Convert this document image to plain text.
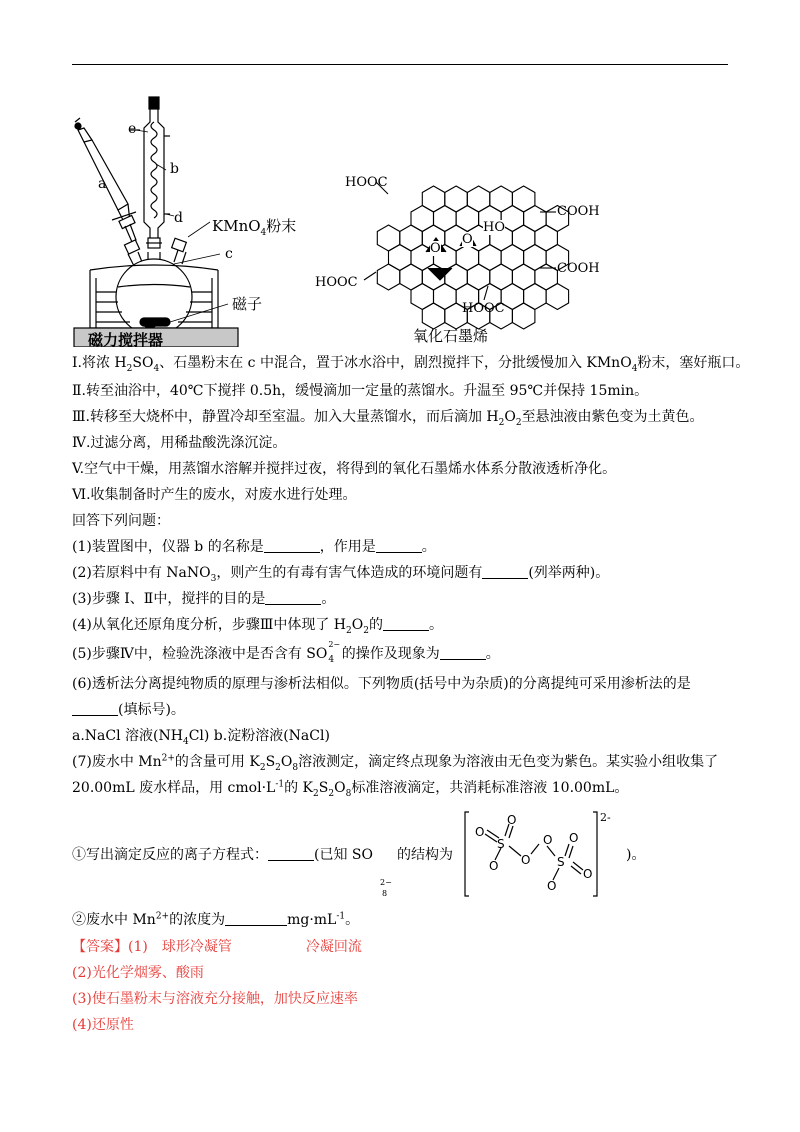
e
b
a
d
c
KMnO$_4$粉末
磁子
磁力搅拌器
HOOC
COOH
HO
COOH
HOOC
HOOC
O
O
氧化石墨烯
I.将浓 $H_2SO_4$、石墨粉末在 c 中混合，置于冰水浴中，剧烈搅拌下，分批缓慢加入 KMnO$_4$粉末，塞好瓶口。
Ⅱ.转至油浴中，40℃下搅拌 0.5h，缓慢滴加一定量的蒸馏水。升温至 95℃并保持 15min。
Ⅲ.转移至大烧杯中，静置冷却至室温。加入大量蒸馏水，而后滴加 $H_2O_2$至悬浊液由紫色变为土黄色。
Ⅳ.过滤分离，用稀盐酸洗涤沉淀。
V.空气中干燥，用蒸馏水溶解并搅拌过夜，将得到的氧化石墨烯水体系分散液透析净化。
Ⅵ.收集制备时产生的废水，对废水进行处理。
回答下列问题：
(1)装置图中，仪器 b 的名称是	，作用是	。
(2)若原料中有 NaNO$_3$，则产生的有毒有害气体造成的环境问题有	(列举两种)。
(3)步骤 I、Ⅱ中，搅拌的目的是	。
(4)从氧化还原角度分析，步骤Ⅲ中体现了 $H_2O_2$的	。
(5)步骤Ⅳ中，检验洗涤液中是否含有 SO
2−
4 的操作及现象为	。
(6)透析法分离提纯物质的原理与渗析法相似。下列物质(括号中为杂质)的分离提纯可采用渗析法的是
(填标号)。
a.NaCl 溶液$(NH_4Cl)$ b.淀粉溶液(NaCl)
(7)废水中 $Mn^{2+}$的含量可用 $K_2S_2O_8$溶液测定，滴定终点现象为溶液由无色变为紫色。某实验小组收集了
20.00mL 废水样品，用 $cmol\cdot L^{-1}$的 $K_2S_2O_8$标准溶液滴定，共消耗标准溶液 10.00mL。
①写出滴定反应的离子方程式：	(已知 SO 的结构为
2−
8
O
O
S
O O
O
S
O
O
O
2-
)。
②废水中 $Mn^{2+}$的浓度为	$mg\cdot mL^{-1}$。
【答案】(1) 球形冷凝管	冷凝回流
(2)光化学烟雾、酸雨
(3)使石墨粉末与溶液充分接触，加快反应速率
(4)还原性
